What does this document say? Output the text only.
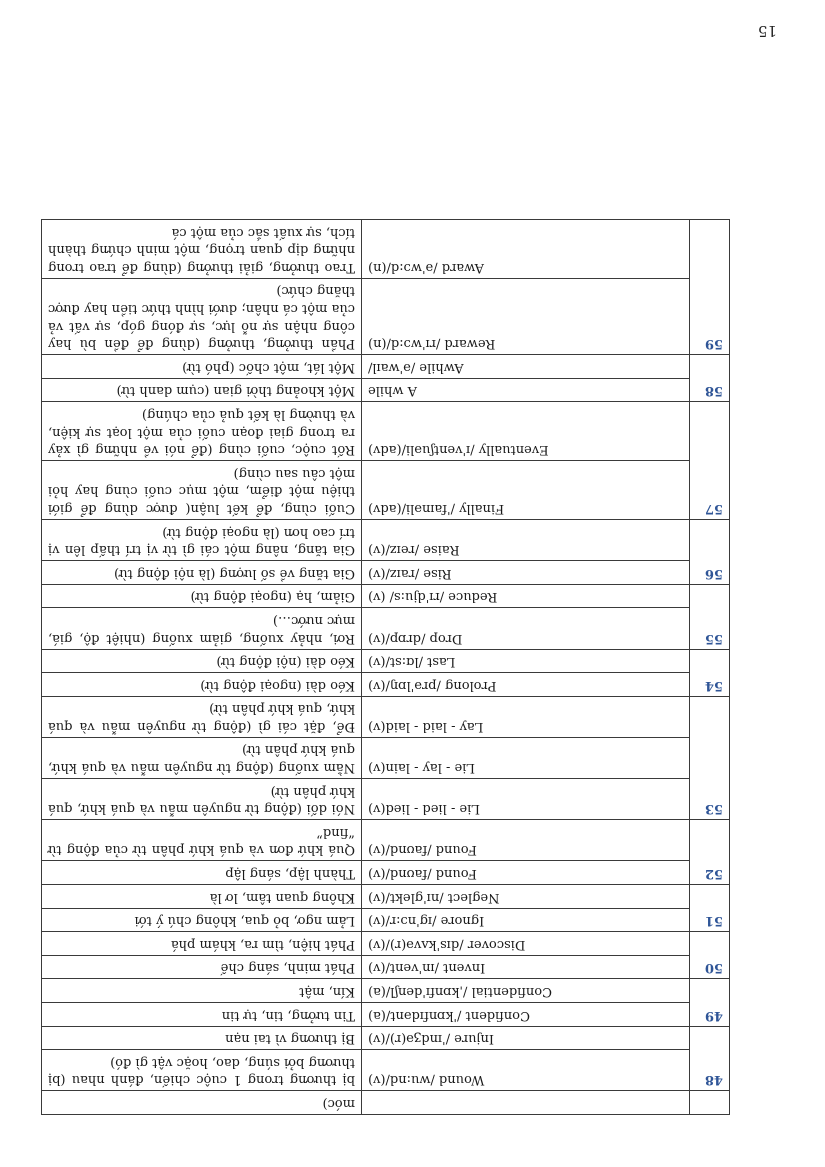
15
		móc)
48	Wound /wu:nd/(v)	bị thương trong 1 cuộc chiến, đánh nhau (bị thương bởi súng, dao, hoặc vật gì đó)
	Injure /ˈɪndʒə(r)/(v)	Bị thương vì tai nạn
49	Confident /ˈkɒnfɪdənt/(a)	Tin tưởng, tin, tự tin
	Confidential /ˌkɒnfɪˈdenʃl/(a)	Kín, mật
50	Invent /ɪnˈvent/(v)	Phát minh, sáng chế
	Discover /dɪsˈkʌvə(r)/(v)	Phát hiện, tìm ra, khám phá
51	Ignore /ɪgˈnɔ:r/(v)	Lảm ngơ, bỏ qua, không chú ý tới
	Neglect /nɪˈglekt/(v)	Không quan tâm, lơ là
52	Found /faʊnd/(v)	Thành lập, sáng lập
	Found /faʊnd/(v)	Quá khứ đơn và quá khứ phân từ của động từ “find”
53	Lie - lied - lied(v)	Nói dối (động từ nguyên mẫu và quá khứ, quá khứ phân từ)
	Lie - lay - lain(v)	Nằm xuống (động từ nguyên mẫu và quá khứ, quá khứ phân từ)
	Lay - laid - laid(v)	Để, đặt cái gì (động từ nguyên mẫu và quá khứ, quá khứ phân từ)
54	Prolong /prəˈlɒŋ/(v)	Kéo dài (ngoại động từ)
	Last /lɑ:st/(v)	Kéo dài (nội động từ)
55	Drop /drɒp/(v)	Rơi, nhảy xuống, giảm xuống (nhiệt độ, giá, mực nước…)
	Reduce /rɪˈdju:s/ (v)	Giảm, hạ (ngoại động từ)
56	Rise /raɪz/(v)	Gia tăng về số lượng (là nội động từ)
	Raise /reɪz/(v)	Gia tăng, nâng một cái gì từ vị trí thấp lên vị trí cao hơn (là ngoại động từ)
57	Finally /ˈfaɪnəli/(adv)	Cuối cùng, để kết luận( được dùng để giới thiệu một điểm, một mục cuối cùng hay hỏi một câu sau cùng)
	Eventually /ɪˈventʃuəli/(adv)	Rốt cuộc, cuối cùng (để nói về những gì xảy ra trong giai đoạn cuối của một loạt sự kiện, và thường là kết quả của chúng)
58	A while	Một khoảng thời gian (cụm danh từ)
	Awhile /əˈwaɪl/	Một lát, một chốc (phó từ)
59	Reward /rɪˈwɔ:d/(n)	Phần thưởng, thưởng (dùng để đền bù hay công nhận sự nỗ lực, sự đóng góp, sự vất vả của một cá nhân; dưới hình thức tiền hay được thăng chức)
	Award /əˈwɔ:d/(n)	Trao thưởng, giải thưởng (dùng để trao trong những dịp quan trọng, một minh chứng thành tích, sự xuất sắc của một cá
